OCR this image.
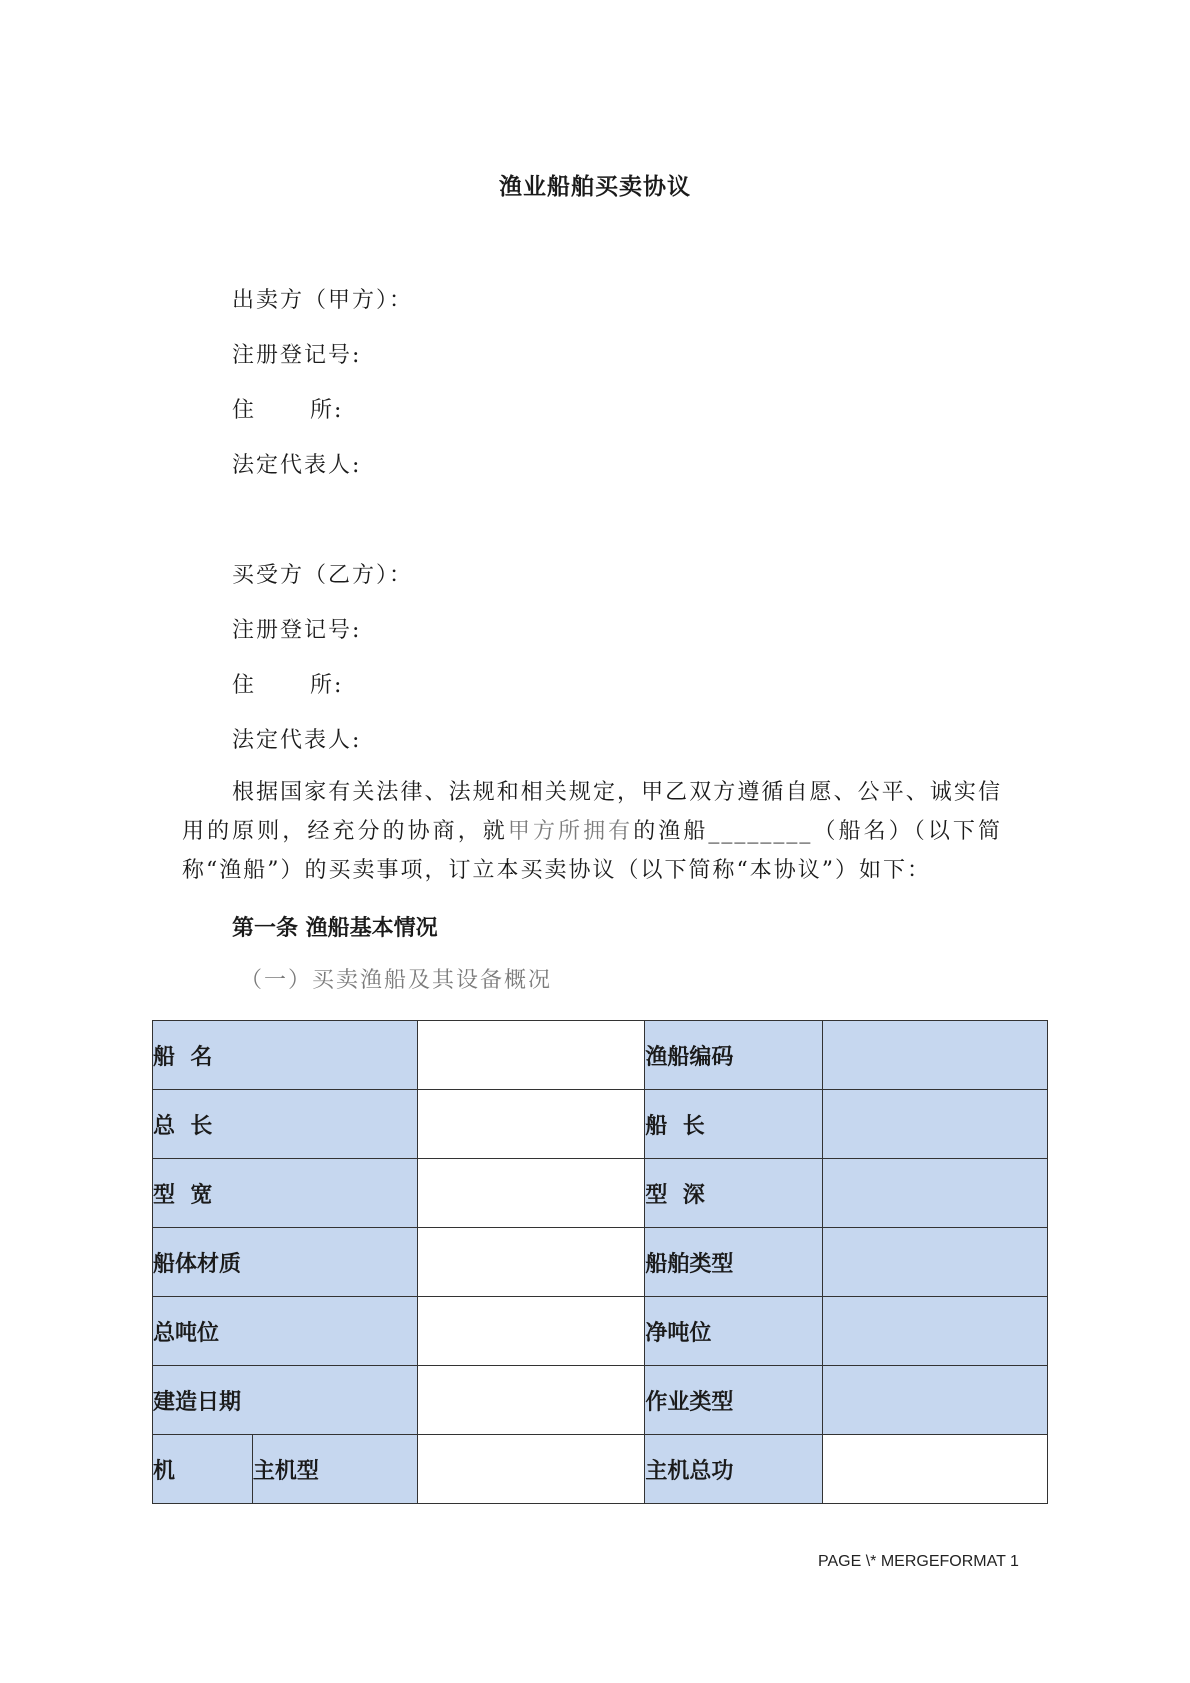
渔业船舶买卖协议
出卖方（甲方）：
注册登记号:
住      所:
法定代表人:
买受方（乙方）：
注册登记号:
住      所:
法定代表人:
根据国家有关法律、法规和相关规定，甲乙双方遵循自愿、公平、诚实信用的原则，经充分的协商，就甲方所拥有的渔船________（船名）（以下简称“渔船”）的买卖事项，订立本买卖协议（以下简称“本协议”）如下：
第一条 渔船基本情况
（一）买卖渔船及其设备概况
船  名			渔船编码	
总  长			船  长	
型  宽			型  深	
船体材质			船舶类型	
总吨位			净吨位	
建造日期			作业类型	
机	主机型		主机总功	
PAGE \* MERGEFORMAT 1
